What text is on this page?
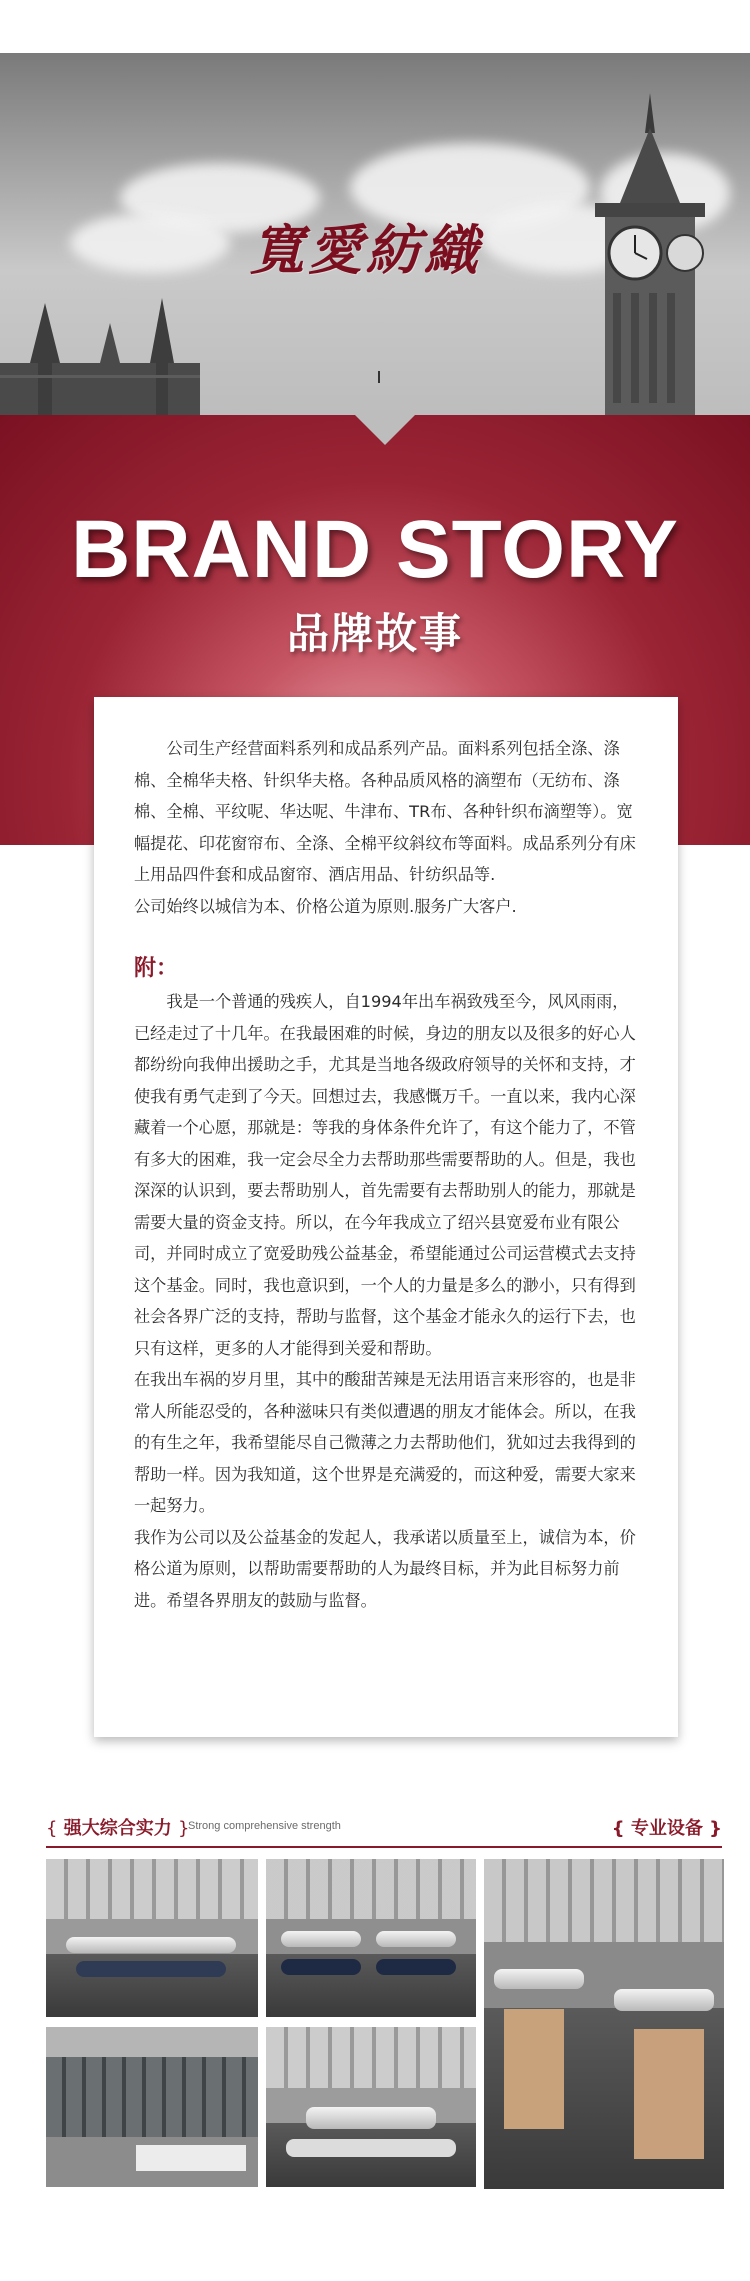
寬愛紡織
BRAND STORY
品牌故事

公司生产经营面料系列和成品系列产品。面料系列包括全涤、涤棉、全棉华夫格、针织华夫格。各种品质风格的滴塑布（无纺布、涤棉、全棉、平纹呢、华达呢、牛津布、TR布、各种针织布滴塑等）。宽幅提花、印花窗帘布、全涤、全棉平纹斜纹布等面料。成品系列分有床上用品四件套和成品窗帘、酒店用品、针纺织品等.

公司始终以城信为本、价格公道为原则.服务广大客户.

附：

我是一个普通的残疾人，自1994年出车祸致残至今，风风雨雨，已经走过了十几年。在我最困难的时候，身边的朋友以及很多的好心人都纷纷向我伸出援助之手，尤其是当地各级政府领导的关怀和支持，才使我有勇气走到了今天。回想过去，我感慨万千。一直以来，我内心深藏着一个心愿，那就是：等我的身体条件允许了，有这个能力了，不管有多大的困难，我一定会尽全力去帮助那些需要帮助的人。但是，我也深深的认识到，要去帮助别人，首先需要有去帮助别人的能力，那就是需要大量的资金支持。所以，在今年我成立了绍兴县宽爱布业有限公司，并同时成立了宽爱助残公益基金，希望能通过公司运营模式去支持这个基金。同时，我也意识到，一个人的力量是多么的渺小，只有得到社会各界广泛的支持，帮助与监督，这个基金才能永久的运行下去，也只有这样，更多的人才能得到关爱和帮助。

在我出车祸的岁月里，其中的酸甜苦辣是无法用语言来形容的，也是非常人所能忍受的，各种滋味只有类似遭遇的朋友才能体会。所以，在我的有生之年，我希望能尽自己微薄之力去帮助他们，犹如过去我得到的帮助一样。因为我知道，这个世界是充满爱的，而这种爱，需要大家来一起努力。

我作为公司以及公益基金的发起人，我承诺以质量至上，诚信为本，价格公道为原则，以帮助需要帮助的人为最终目标，并为此目标努力前进。希望各界朋友的鼓励与监督。

{ 强大综合实力 }
Strong comprehensive strength	{ 专业设备 }
